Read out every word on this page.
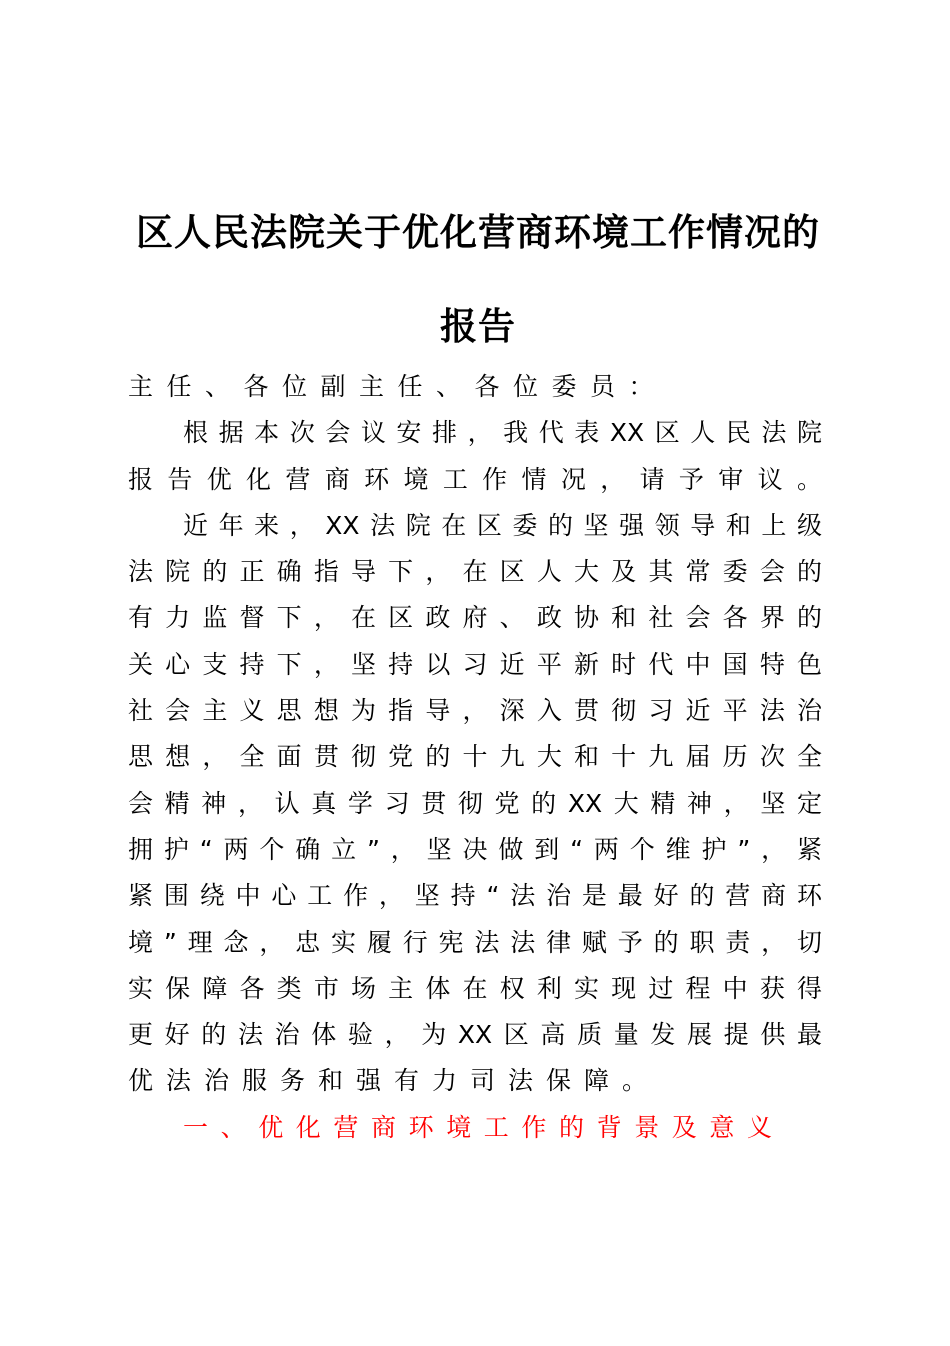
区人民法院关于优化营商环境工作情况的报告
主任、各位副主任、各位委员：
根据本次会议安排，我代表XX区人民法院
报告优化营商环境工作情况，请予审议。
近年来，XX法院在区委的坚强领导和上级
法院的正确指导下，在区人大及其常委会的
有力监督下，在区政府、政协和社会各界的
关心支持下，坚持以习近平新时代中国特色
社会主义思想为指导，深入贯彻习近平法治
思想，全面贯彻党的十九大和十九届历次全
会精神，认真学习贯彻党的XX大精神，坚定
拥护“两个确立”，坚决做到“两个维护”，紧
紧围绕中心工作，坚持“法治是最好的营商环
境”理念，忠实履行宪法法律赋予的职责，切
实保障各类市场主体在权利实现过程中获得
更好的法治体验，为XX区高质量发展提供最
优法治服务和强有力司法保障。
一、优化营商环境工作的背景及意义
